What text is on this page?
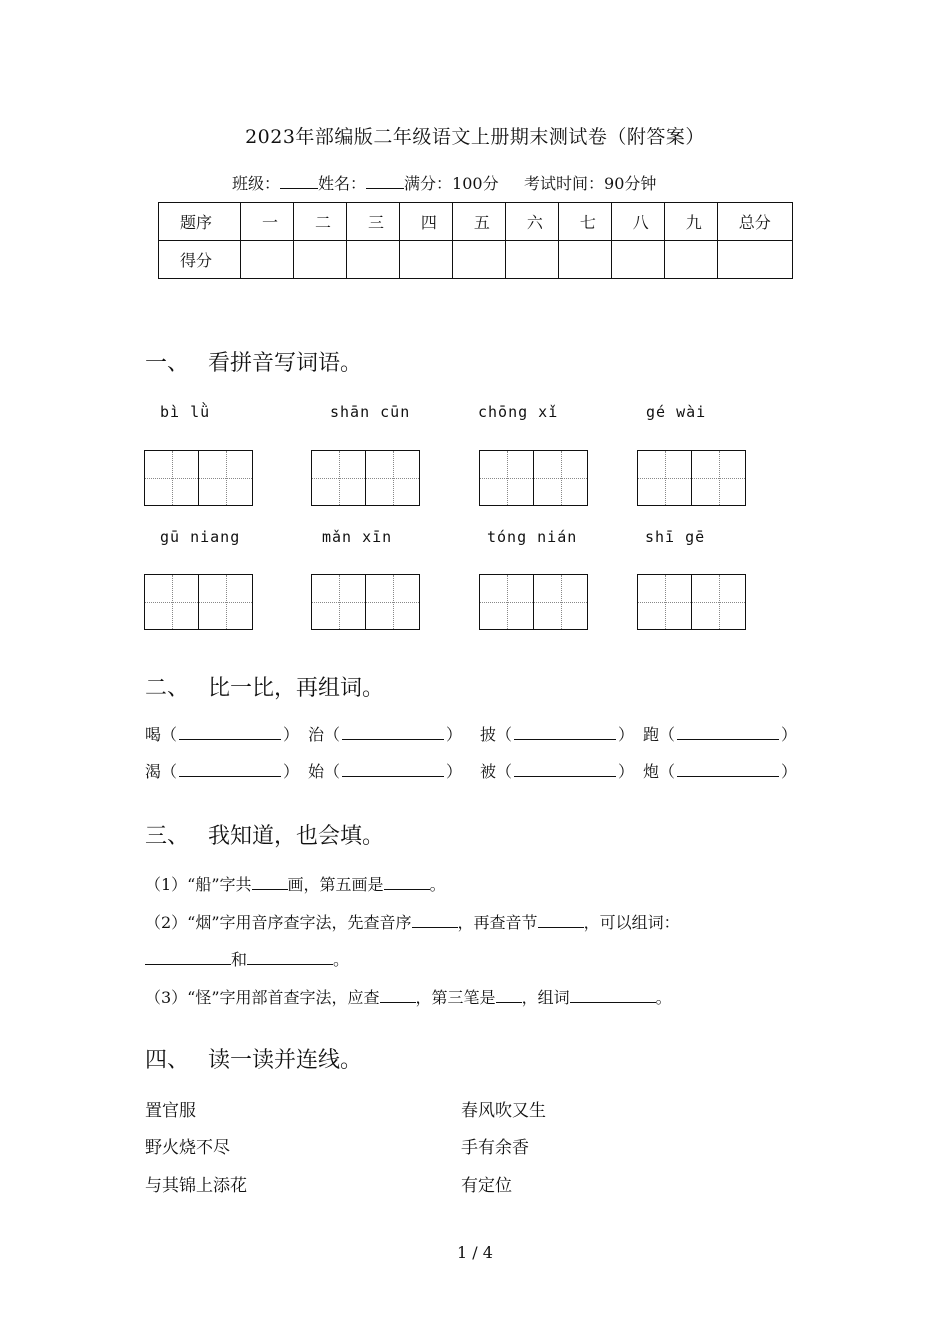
2023年部编版二年级语文上册期末测试卷（附答案）
班级： 姓名： 满分：100分 考试时间：90分钟
题序	一	二	三	四	五	六	七	八	九	总分
得分										
一、 看拼音写词语。
bì lǜ	shān cūn	chōng xǐ	gé wài
gū niang	mǎn xīn	tóng nián	shī gē
二、 比一比，再组词。
喝（	） 治（	） 披（	） 跑（	）
渴（	） 始（	） 被（	） 炮（	）
三、 我知道，也会填。
（1）“船”字共 画，第五画是	。
（2）“烟”字用音序查字法，先查音序	，再查音节	，可以组词：
和	。
（3）“怪”字用部首查字法，应查 ，第三笔是 ，组词	。
四、 读一读并连线。
置官服
野火烧不尽
与其锦上添花
春风吹又生
手有余香
有定位
1 / 4
